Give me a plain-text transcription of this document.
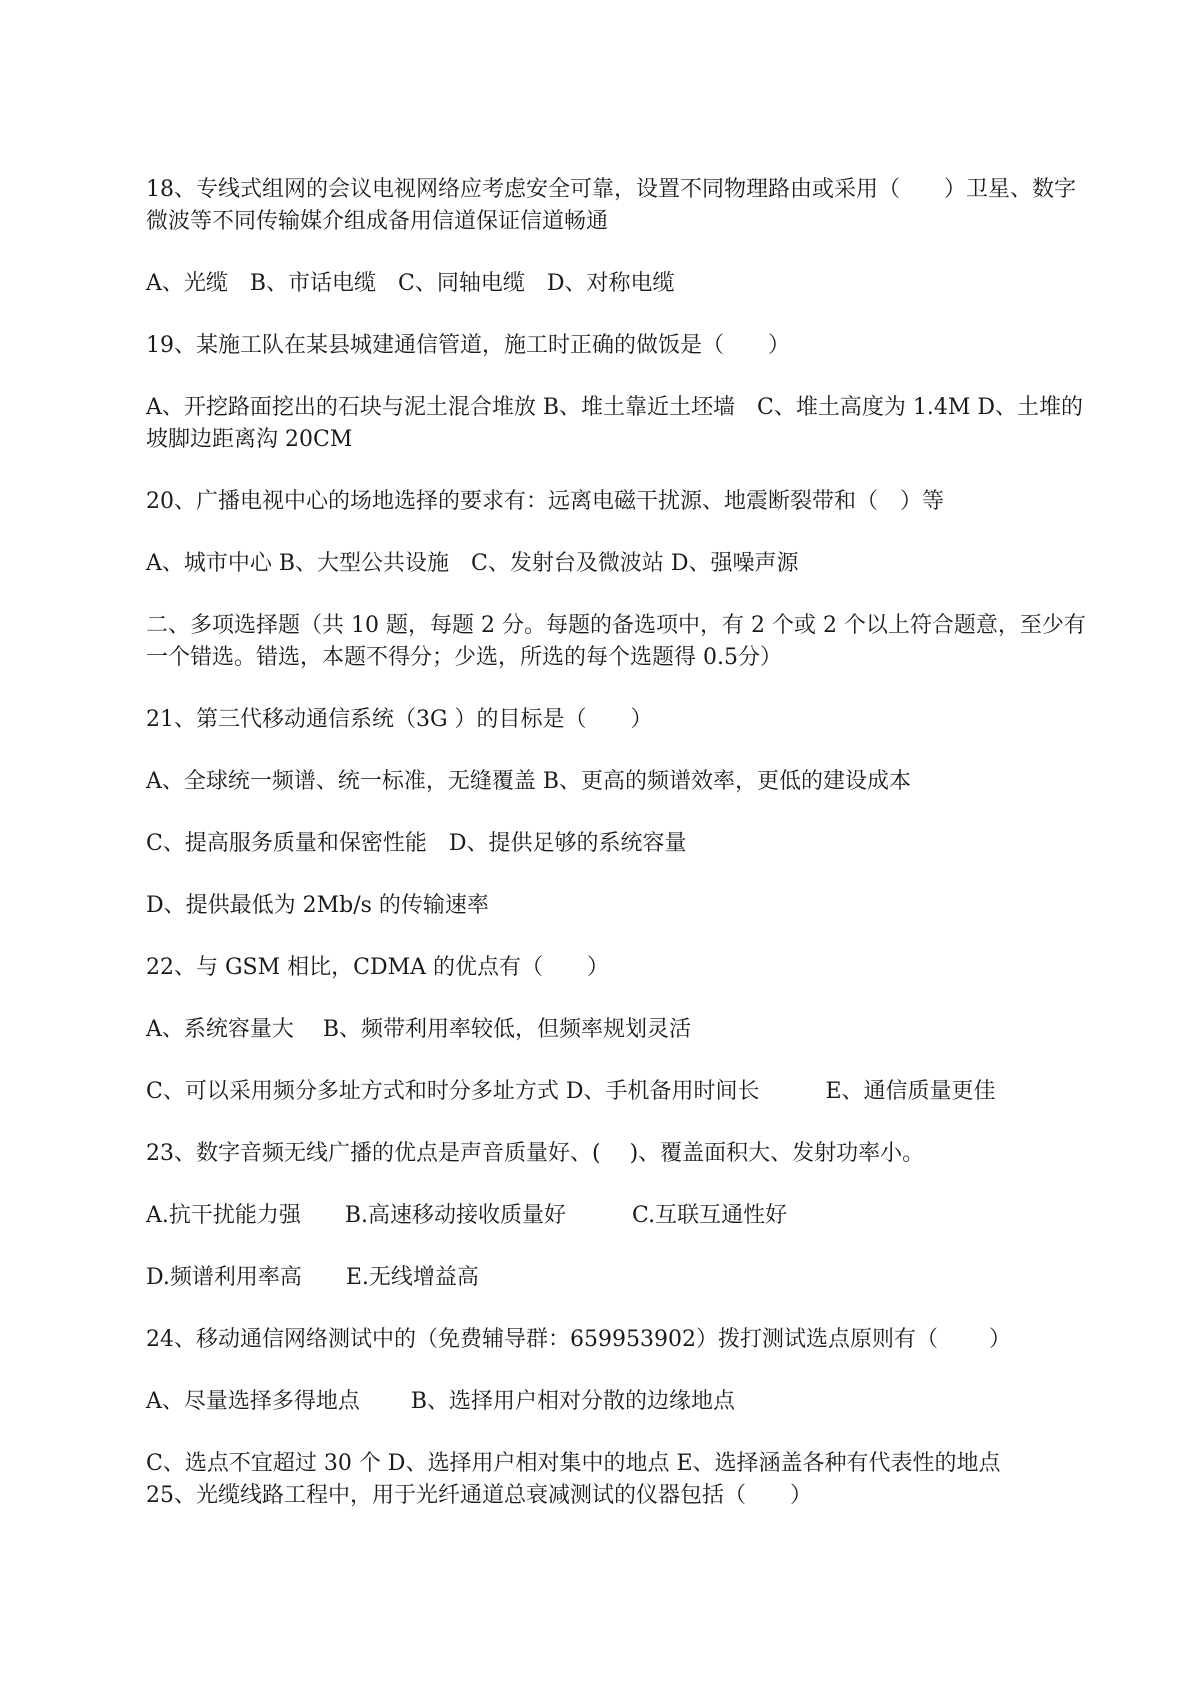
18、专线式组网的会议电视网络应考虑安全可靠，设置不同物理路由或采用（　　）卫星、数字微波等不同传输媒介组成备用信道保证信道畅通

A、光缆　B、市话电缆　C、同轴电缆　D、对称电缆

19、某施工队在某县城建通信管道，施工时正确的做饭是（　　）

A、开挖路面挖出的石块与泥土混合堆放 B、堆土靠近土坯墙　C、堆土高度为 1.4M D、土堆的坡脚边距离沟 20CM

20、广播电视中心的场地选择的要求有：远离电磁干扰源、地震断裂带和（　）等

A、城市中心 B、大型公共设施　C、发射台及微波站 D、强噪声源

二、多项选择题（共 10 题，每题 2 分。每题的备选项中，有 2 个或 2 个以上符合题意，至少有一个错选。错选，本题不得分；少选，所选的每个选题得 0.5分）

21、第三代移动通信系统（3G ）的目标是（　　）

A、全球统一频谱、统一标准，无缝覆盖 B、更高的频谱效率，更低的建设成本

C、提高服务质量和保密性能　D、提供足够的系统容量

D、提供最低为 2Mb/s 的传输速率

22、与 GSM 相比，CDMA 的优点有（　　）

A、系统容量大　 B、频带利用率较低，但频率规划灵活

C、可以采用频分多址方式和时分多址方式 D、手机备用时间长　　　E、通信质量更佳

23、数字音频无线广播的优点是声音质量好、(　 )、覆盖面积大、发射功率小。

A.抗干扰能力强　　B.高速移动接收质量好　　　C.互联互通性好

D.频谱利用率高　　E.无线增益高

24、移动通信网络测试中的（免费辅导群：659953902）拨打测试选点原则有（　　 ）

A、尽量选择多得地点　　 B、选择用户相对分散的边缘地点

C、选点不宜超过 30 个 D、选择用户相对集中的地点 E、选择涵盖各种有代表性的地点

25、光缆线路工程中，用于光纤通道总衰减测试的仪器包括（　　）
